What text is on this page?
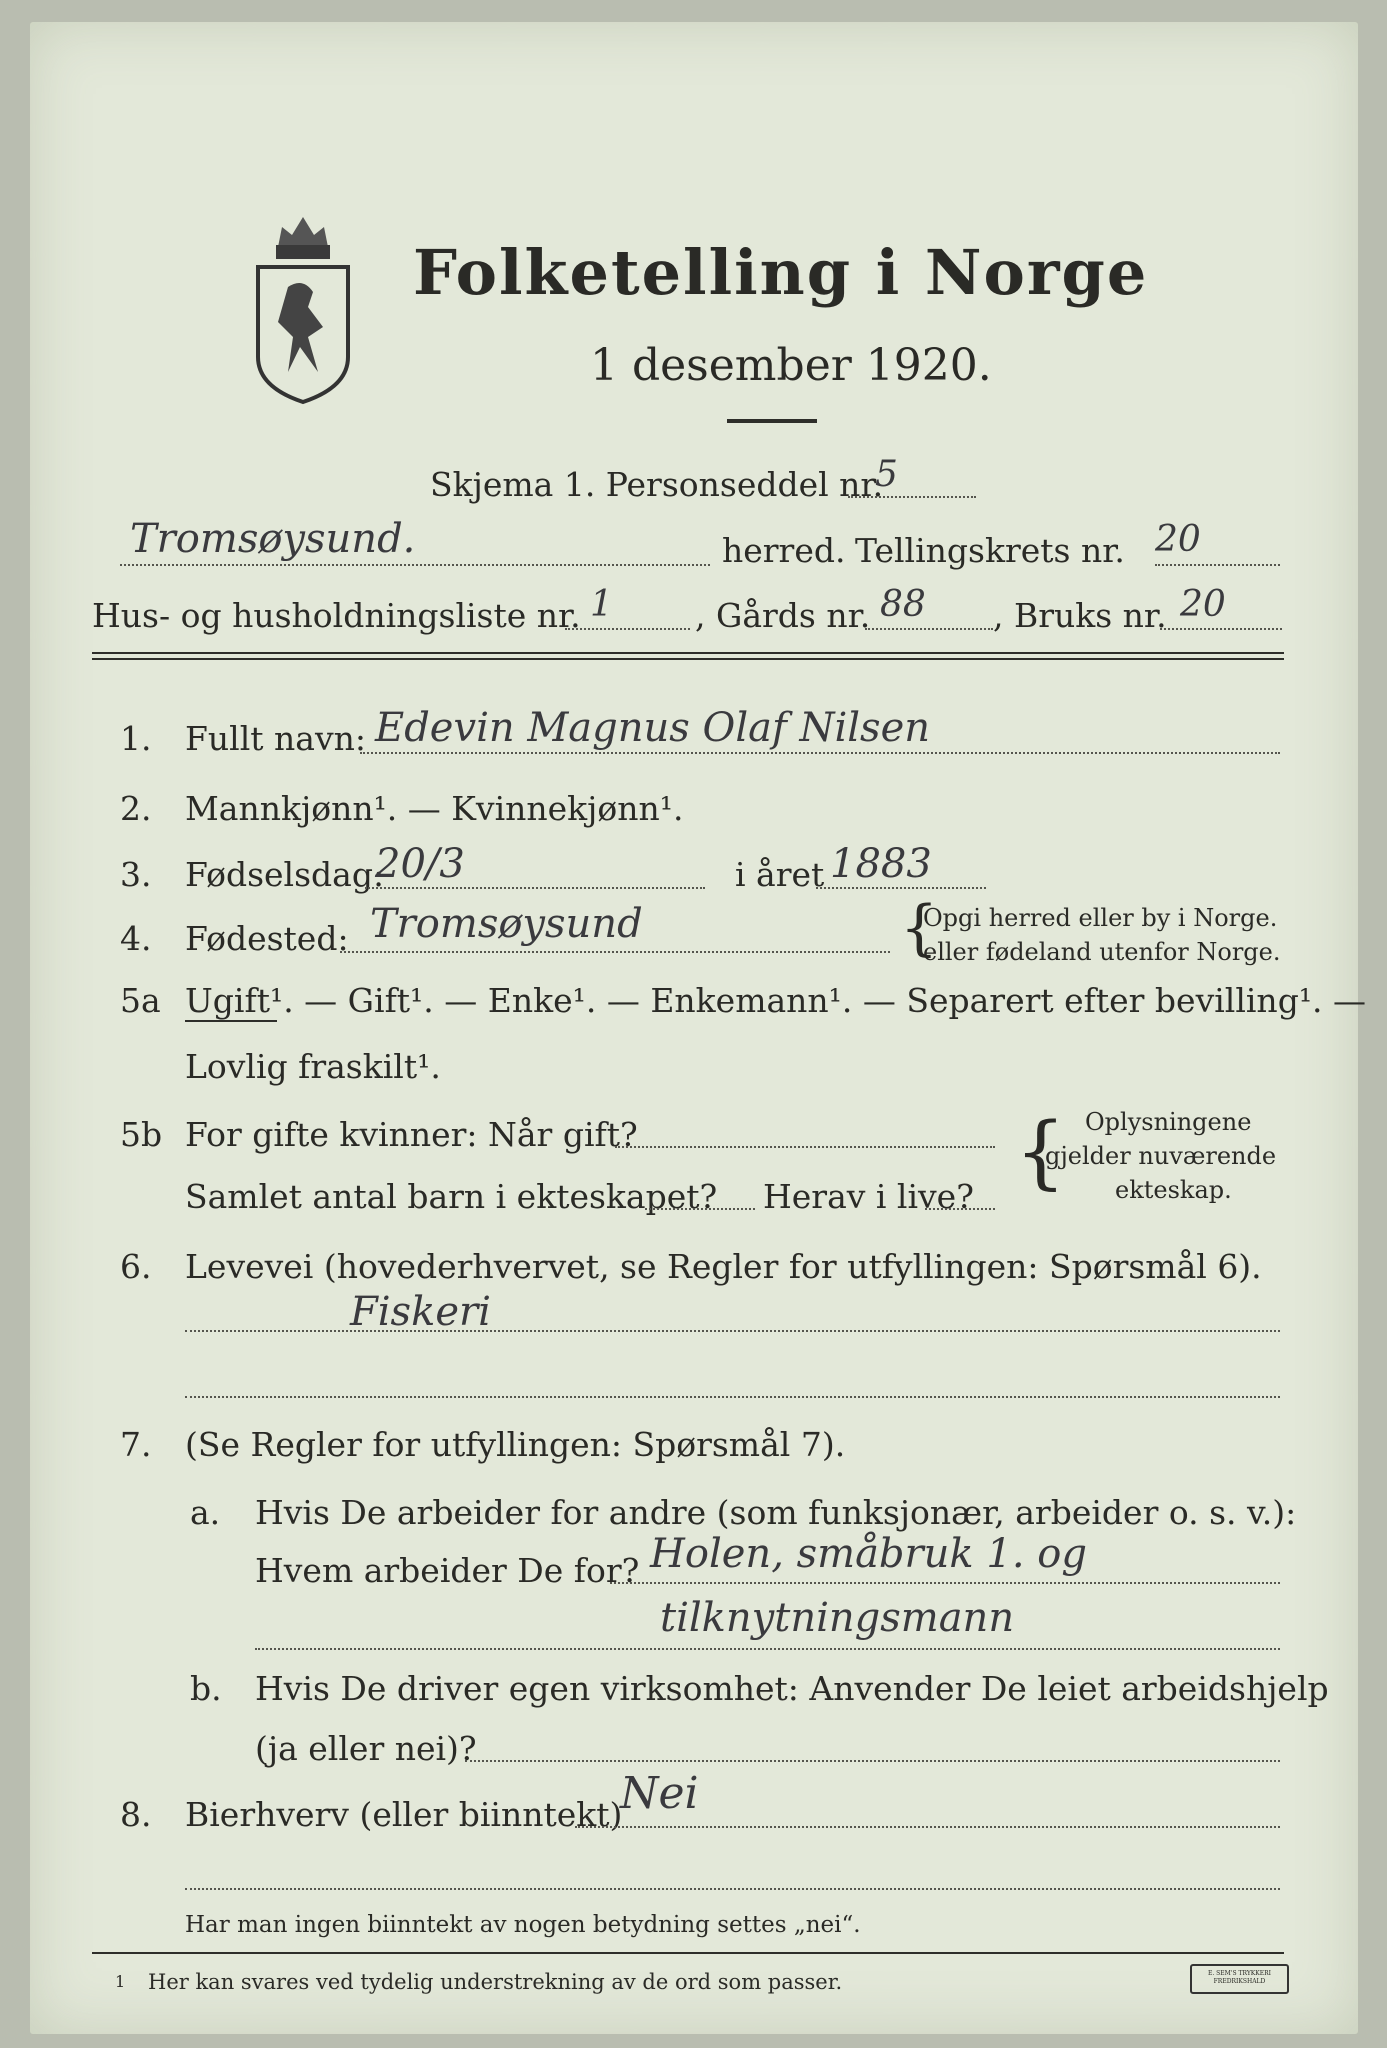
Folketelling i Norge
1 desember 1920.
Skjema 1. Personseddel nr.
5
Tromsøysund.	herred. Tellingskrets nr. 20
Hus- og husholdningsliste nr. 1 , Gårds nr. 88 , Bruks nr. 20
1. Fullt navn: Edevin Magnus Olaf Nilsen
2. Mannkjønn¹. — Kvinnekjønn¹.
3. Fødselsdag:
20/3	i året 1883
4. Fødested: Tromsøysund	{
Opgi herred eller by i Norge.
eller fødeland utenfor Norge.
5a Ugift¹. — Gift¹. — Enke¹. — Enkemann¹. — Separert efter bevilling¹. —
Lovlig fraskilt¹.
5b For gifte kvinner: Når gift?
Samlet antal barn i ekteskapet? Herav i live? { Oplysningene
gjelder nuværende
ekteskap.
6. Levevei (hovederhvervet, se Regler for utfyllingen: Spørsmål 6).
Fiskeri
7. (Se Regler for utfyllingen: Spørsmål 7).
a. Hvis De arbeider for andre (som funksjonær, arbeider o. s. v.):
Hvem arbeider De for? Holen, småbruk 1. og
tilknytningsmann
b. Hvis De driver egen virksomhet: Anvender De leiet arbeidshjelp
(ja eller nei)?
8. Bierhverv (eller biinntekt)
Nei
Har man ingen biinntekt av nogen betydning settes „nei“.
1 Her kan svares ved tydelig understrekning av de ord som passer.	E. SEM'S TRYKKERI FREDRIKSHALD
